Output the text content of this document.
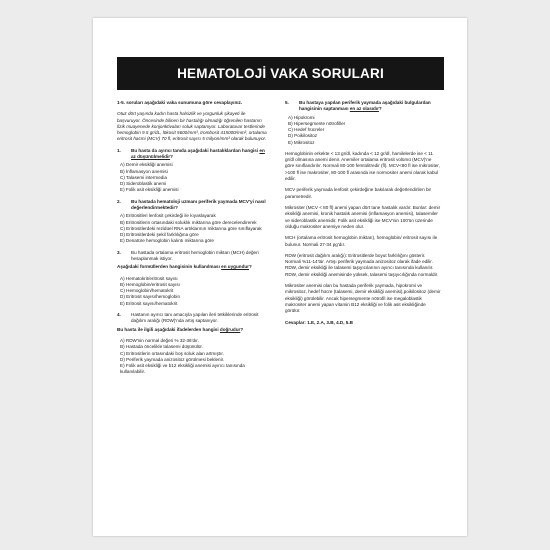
HEMATOLOJİ VAKA SORULARI

1-5. soruları aşağıdaki vaka sunumuna göre cevaplayınız.

Otuz dört yaşında kadın hasta halsizlik ve yorgunluk şikayeti ile başvuruyor. Öncesinde bilinen bir hastalığı olmadığı öğrenilen hastanın fizik muayenede konjonktivaları soluk saptanıyor. Laboratuvar testlerinde hemoglobin 9.5 gr/dL, lökosit 5600/mm³, trombosit 415000/mm³, ortalama eritrosit hacmi (MCV) 70 fl, eritrosit sayısı 5 milyon/mm³ olarak bulunuyor.

1.	Bu hasta da ayırıcı tanıda aşağıdaki hastalıklardan hangisi en az düşünülmelidir?
A) Demir eksikliği anemisi
B) İnflamasyon anemisi
C) Talasemi intermedia
D) Sideroblastik anemi
E) Folik asit eksikliği anemisi
2.	Bu hastada hematoloji uzmanı periferik yaymada MCV'yi nasıl değerlendirmektedir?
A) Eritrositleri lenfosit çekirdeği ile kıyaslayarak
B) Eritrositlerin ortasındaki soluklık miktarına göre derecelendirerek
C) Eritrositlerdeki rezidüel RNA artıklarının miktarına göre sınıflayarak
D) Eritrositlerdeki şekil farklılığına göre
E) Denatüre hemoglobin kalıntı miktarına göre
3.	Bu hastada ortalama eritrosit hemoglobin miktarı (MCH) değeri hesaplanmak istiyor.

Aşağıdaki formüllerden hangisinin kullanılması en uygundur?

A) Hematokrit/eritrosit sayısı
B) Hemoglobin/eritrosit sayısı
C) Hemoglobin/hematokrit
D) Eritrosit sayısı/hemoglobin
E) Eritrosit sayısı/hematokrit
4.	Hastanın ayırıcı tanı amacıyla yapılan ileri tetkiklerinde eritrosit dağılım aralığı (RDW)'nda artış saptanıyor.

Bu hasta ile ilgili aşağıdaki ifadelerden hangisi doğrudur?

A) RDW'nin normal değeri % 32-36'dır.
B) Hastada öncelikle talasemi düşünülür.
C) Eritrositlerin ortasındaki boş soluk alan artmıştır.
D) Periferik yaymada anizositoz görülmesi beklenir.
E) Folik asit eksikliği ve b12 eksikliği anemisi ayırıcı tanısında kullanılabilir.
5.	Bu hastaya yapılan periferik yaymada aşağıdaki bulgulardan hangisinin saptanması en az olasıdır?
A) Hipokromi
B) Hipersegmente nötrofiller
C) Hedef hücreler
D) Poikilositoz
E) Mikrositoz

Hemoglobinin erkekte < 13 gr/dl, kadında < 12 gr/dl, hamilelerde ise < 11 gr/dl olmasına anemi denir. Anemiler ortalama eritrosit volümü (MCV)'ne göre sınıflandırılır. Normali 80-100 femtolitredir (fl). MCV<80 fl ise mikrositer, >100 fl ise makrositer, 80-100 fl arasında ise normositer anemi olarak kabul edilir.

MCV periferik yaymada lenfosit çekirdeğine bakılarak değerlendirilen bir parametredir.

Mikrositer (MCV < 80 fl) anemi yapan dört tane hastalık vardır. Bunlar: demir eksikliği anemisi, kronik hastalık anemisi (inflamasyon anemisi), talasemiler ve sideroblastik anemidir. Folik asit eksikliği ise MCV'nin 100'ün üzerinde olduğu makrositer anemiye neden olur.

MCH (ortalama eritrosit hemoglobin miktarı), hemoglobin/ eritrosit sayısı ile bulunur. Normali 27-34 pg'dır.

RDW (eritrosit dağılım aralığı): Eritrositlerde boyut farklılığını gösterir. Normali %11-14'tür. Artışı periferik yaymada anizositoz olarak ifade edilir. RDW, demir eksikliği ile talasemi taşıyıcılarının ayırıcı tanısında kullanılır. RDW, demir eksikliği anemisinde yüksek, talasemi taşıyıcılığında normaldir.

Mikrositer anemisi olan bu hastada periferik yaymada, hipokromi ve mikrositoz, hedef hücre (talasemi, demir eksikliği anemisi),poikilositoz (demir eksikliği) görülebilir. Ancak hipersegmente nötrofil ise megaloblastik makrositer anemi yapan vitamin B12 eksikliği ve folik asit eksikliğinde görülür.

Cevaplar: 1.E, 2.A, 3.B, 4.D, 5.B
